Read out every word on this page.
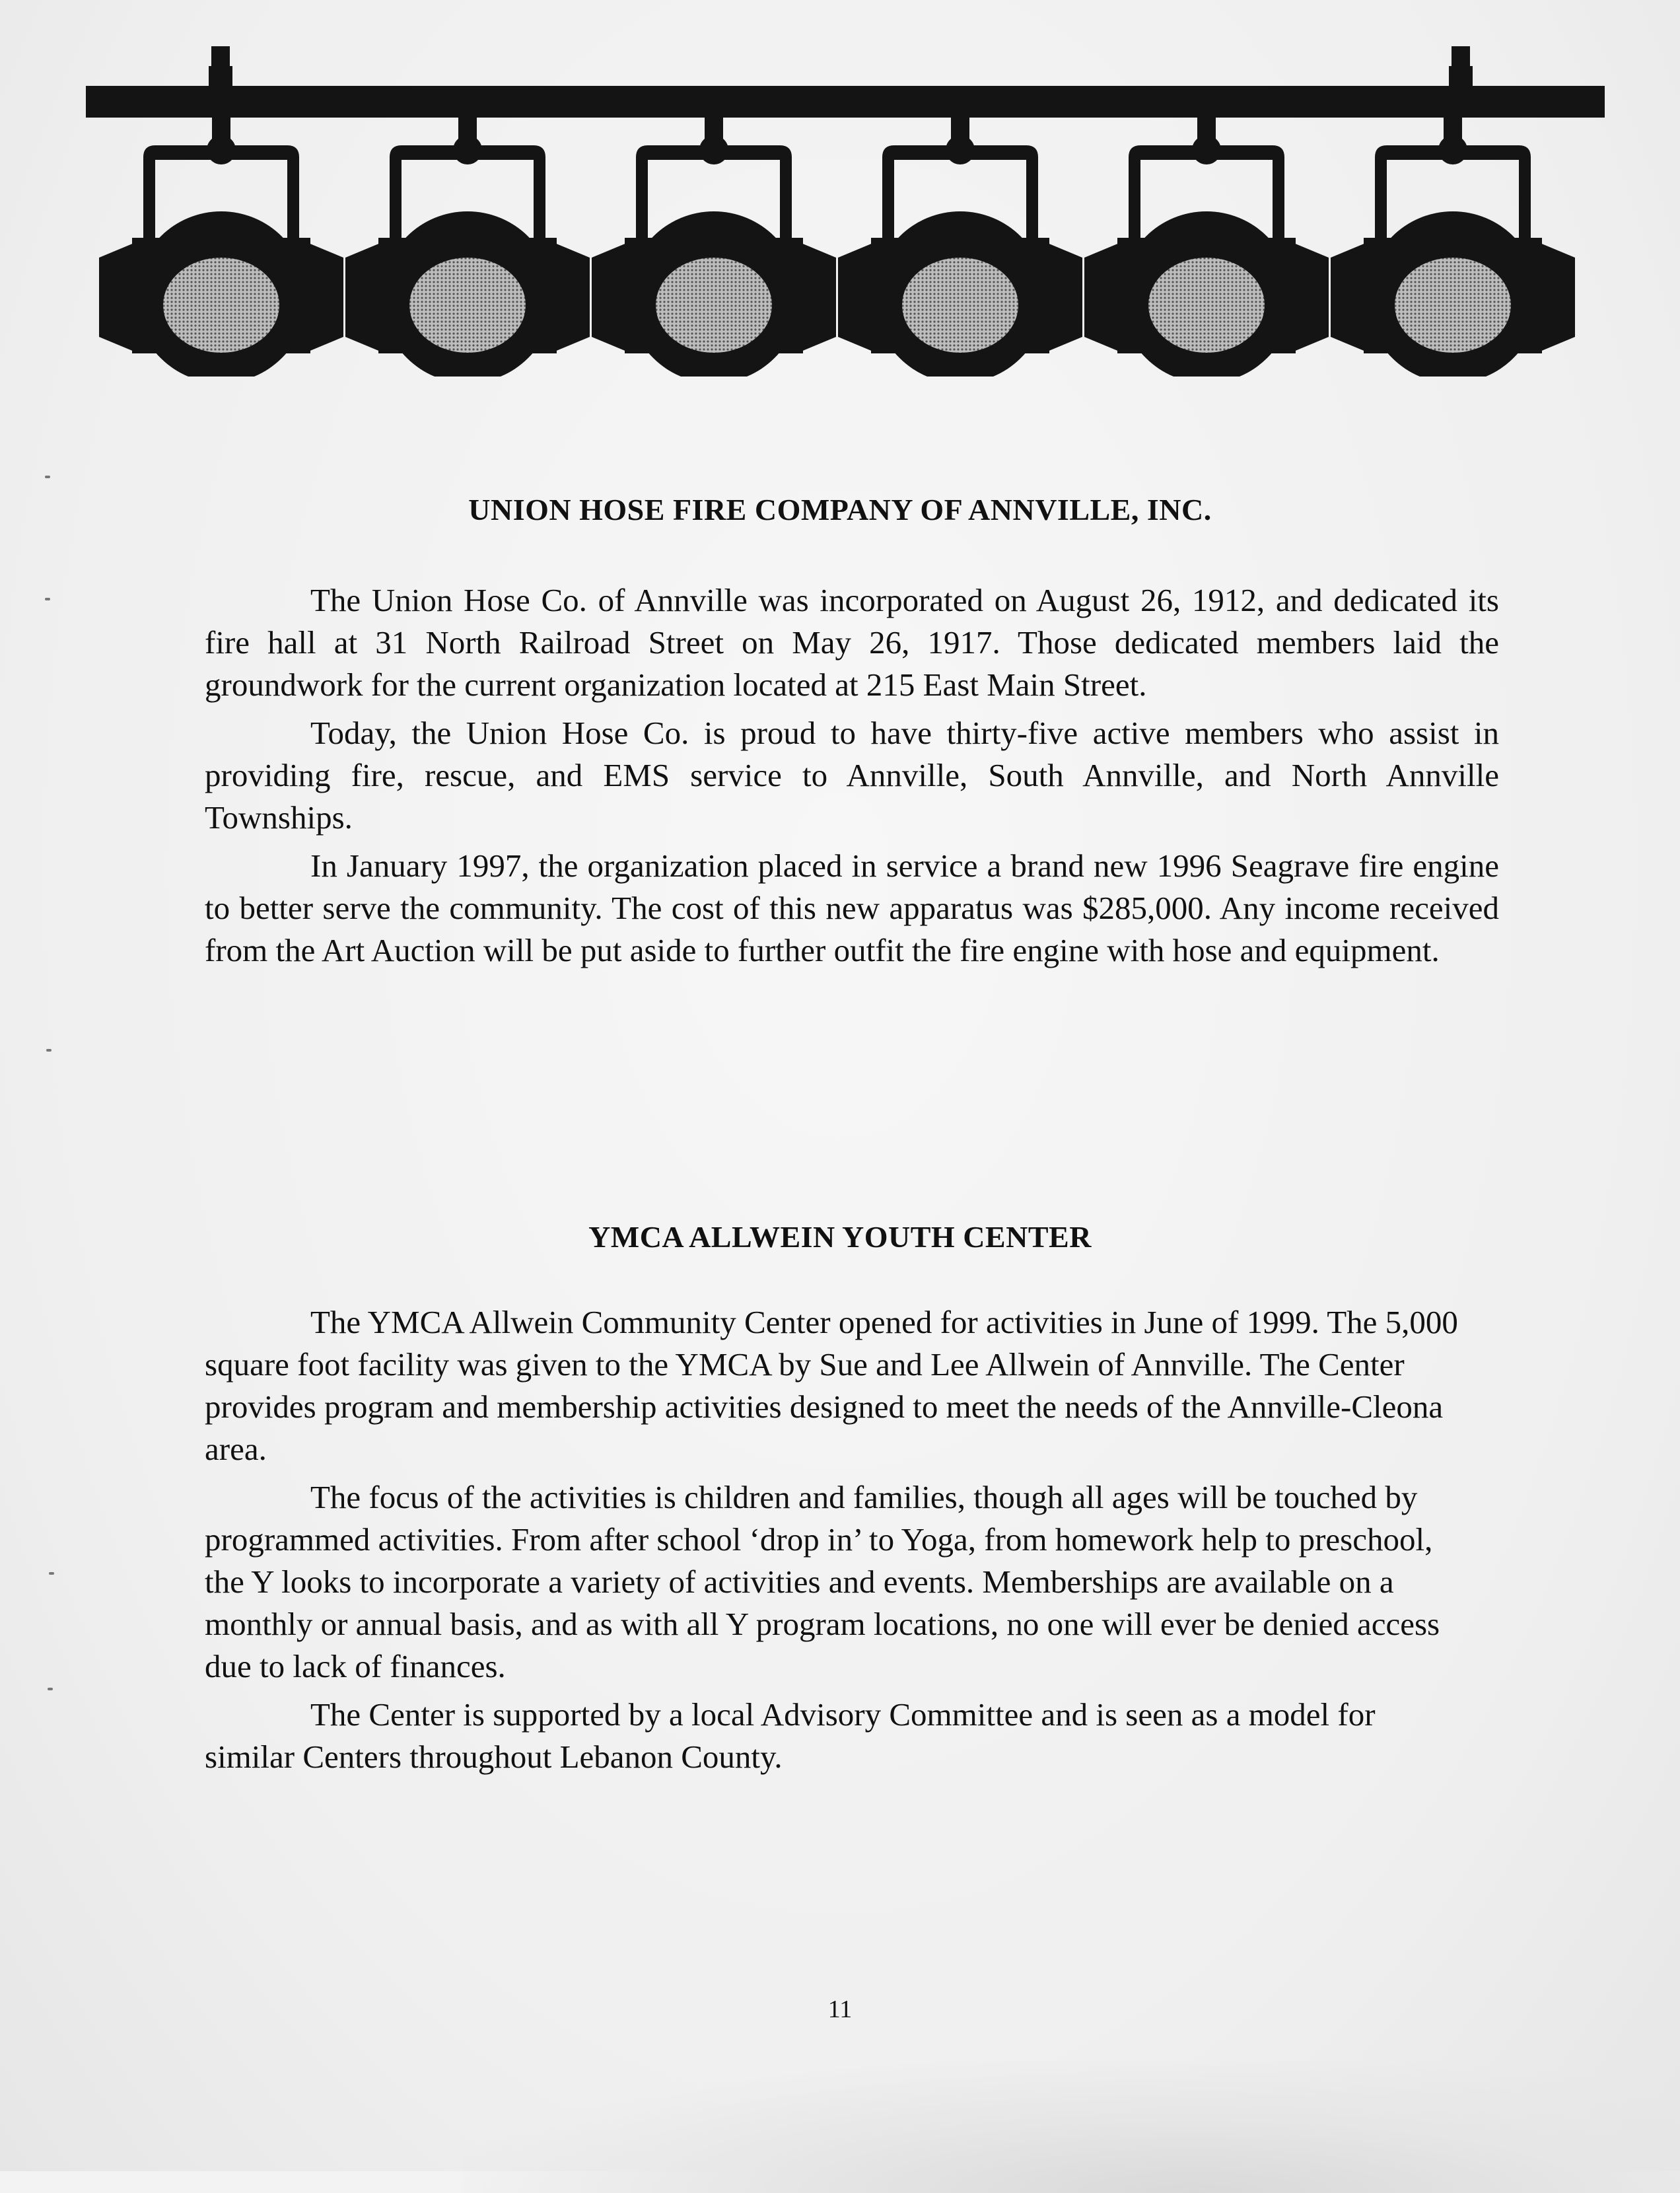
UNION HOSE FIRE COMPANY OF ANNVILLE, INC.

The Union Hose Co. of Annville was incorporated on August 26, 1912, and dedicated its fire hall at 31 North Railroad Street on May 26, 1917. Those dedicated members laid the groundwork for the current organization located at 215 East Main Street.

Today, the Union Hose Co. is proud to have thirty-five active members who assist in providing fire, rescue, and EMS service to Annville, South Annville, and North Annville Townships.

In January 1997, the organization placed in service a brand new 1996 Seagrave fire engine to better serve the community. The cost of this new apparatus was $285,000. Any income received from the Art Auction will be put aside to further outfit the fire engine with hose and equipment.

YMCA ALLWEIN YOUTH CENTER

The YMCA Allwein Community Center opened for activities in June of 1999. The 5,000 square foot facility was given to the YMCA by Sue and Lee Allwein of Annville. The Center provides program and membership activities designed to meet the needs of the Annville-Cleona area.

The focus of the activities is children and families, though all ages will be touched by programmed activities. From after school ‘drop in’ to Yoga, from homework help to preschool, the Y looks to incorporate a variety of activities and events. Memberships are available on a monthly or annual basis, and as with all Y program locations, no one will ever be denied access due to lack of finances.

The Center is supported by a local Advisory Committee and is seen as a model for similar Centers throughout Lebanon County.

11
